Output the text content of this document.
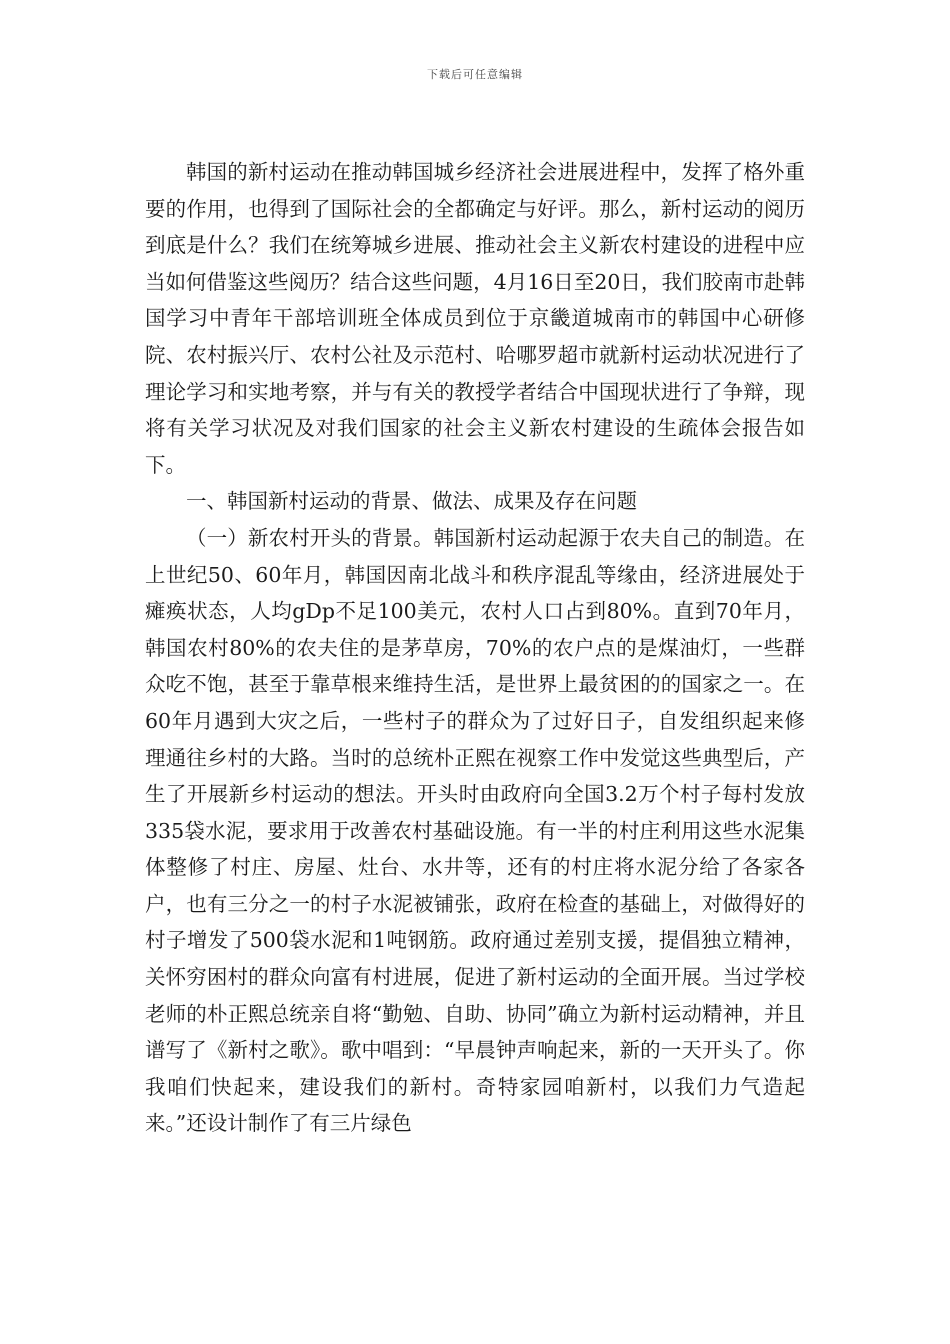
下载后可任意编辑

韩国的新村运动在推动韩国城乡经济社会进展进程中，发挥了格外重要的作用，也得到了国际社会的全都确定与好评。那么，新村运动的阅历到底是什么？我们在统筹城乡进展、推动社会主义新农村建设的进程中应当如何借鉴这些阅历？结合这些问题，4月16日至20日，我们胶南市赴韩国学习中青年干部培训班全体成员到位于京畿道城南市的韩国中心研修院、农村振兴厅、农村公社及示范村、哈哪罗超市就新村运动状况进行了理论学习和实地考察，并与有关的教授学者结合中国现状进行了争辩，现将有关学习状况及对我们国家的社会主义新农村建设的生疏体会报告如下。

一、韩国新村运动的背景、做法、成果及存在问题

（一）新农村开头的背景。韩国新村运动起源于农夫自己的制造。在上世纪50、60年月，韩国因南北战斗和秩序混乱等缘由，经济进展处于瘫痪状态，人均gDp不足100美元，农村人口占到80%。直到70年月，韩国农村80%的农夫住的是茅草房，70%的农户点的是煤油灯，一些群众吃不饱，甚至于靠草根来维持生活，是世界上最贫困的的国家之一。在60年月遇到大灾之后，一些村子的群众为了过好日子，自发组织起来修理通往乡村的大路。当时的总统朴正熙在视察工作中发觉这些典型后，产生了开展新乡村运动的想法。开头时由政府向全国3.2万个村子每村发放335袋水泥，要求用于改善农村基础设施。有一半的村庄利用这些水泥集体整修了村庄、房屋、灶台、水井等，还有的村庄将水泥分给了各家各户，也有三分之一的村子水泥被铺张，政府在检查的基础上，对做得好的村子增发了500袋水泥和1吨钢筋。政府通过差别支援，提倡独立精神，关怀穷困村的群众向富有村进展，促进了新村运动的全面开展。当过学校老师的朴正熙总统亲自将“勤勉、自助、协同”确立为新村运动精神，并且谱写了《新村之歌》。歌中唱到：“早晨钟声响起来，新的一天开头了。你我咱们快起来，建设我们的新村。奇特家园咱新村，以我们力气造起来。”还设计制作了有三片绿色
